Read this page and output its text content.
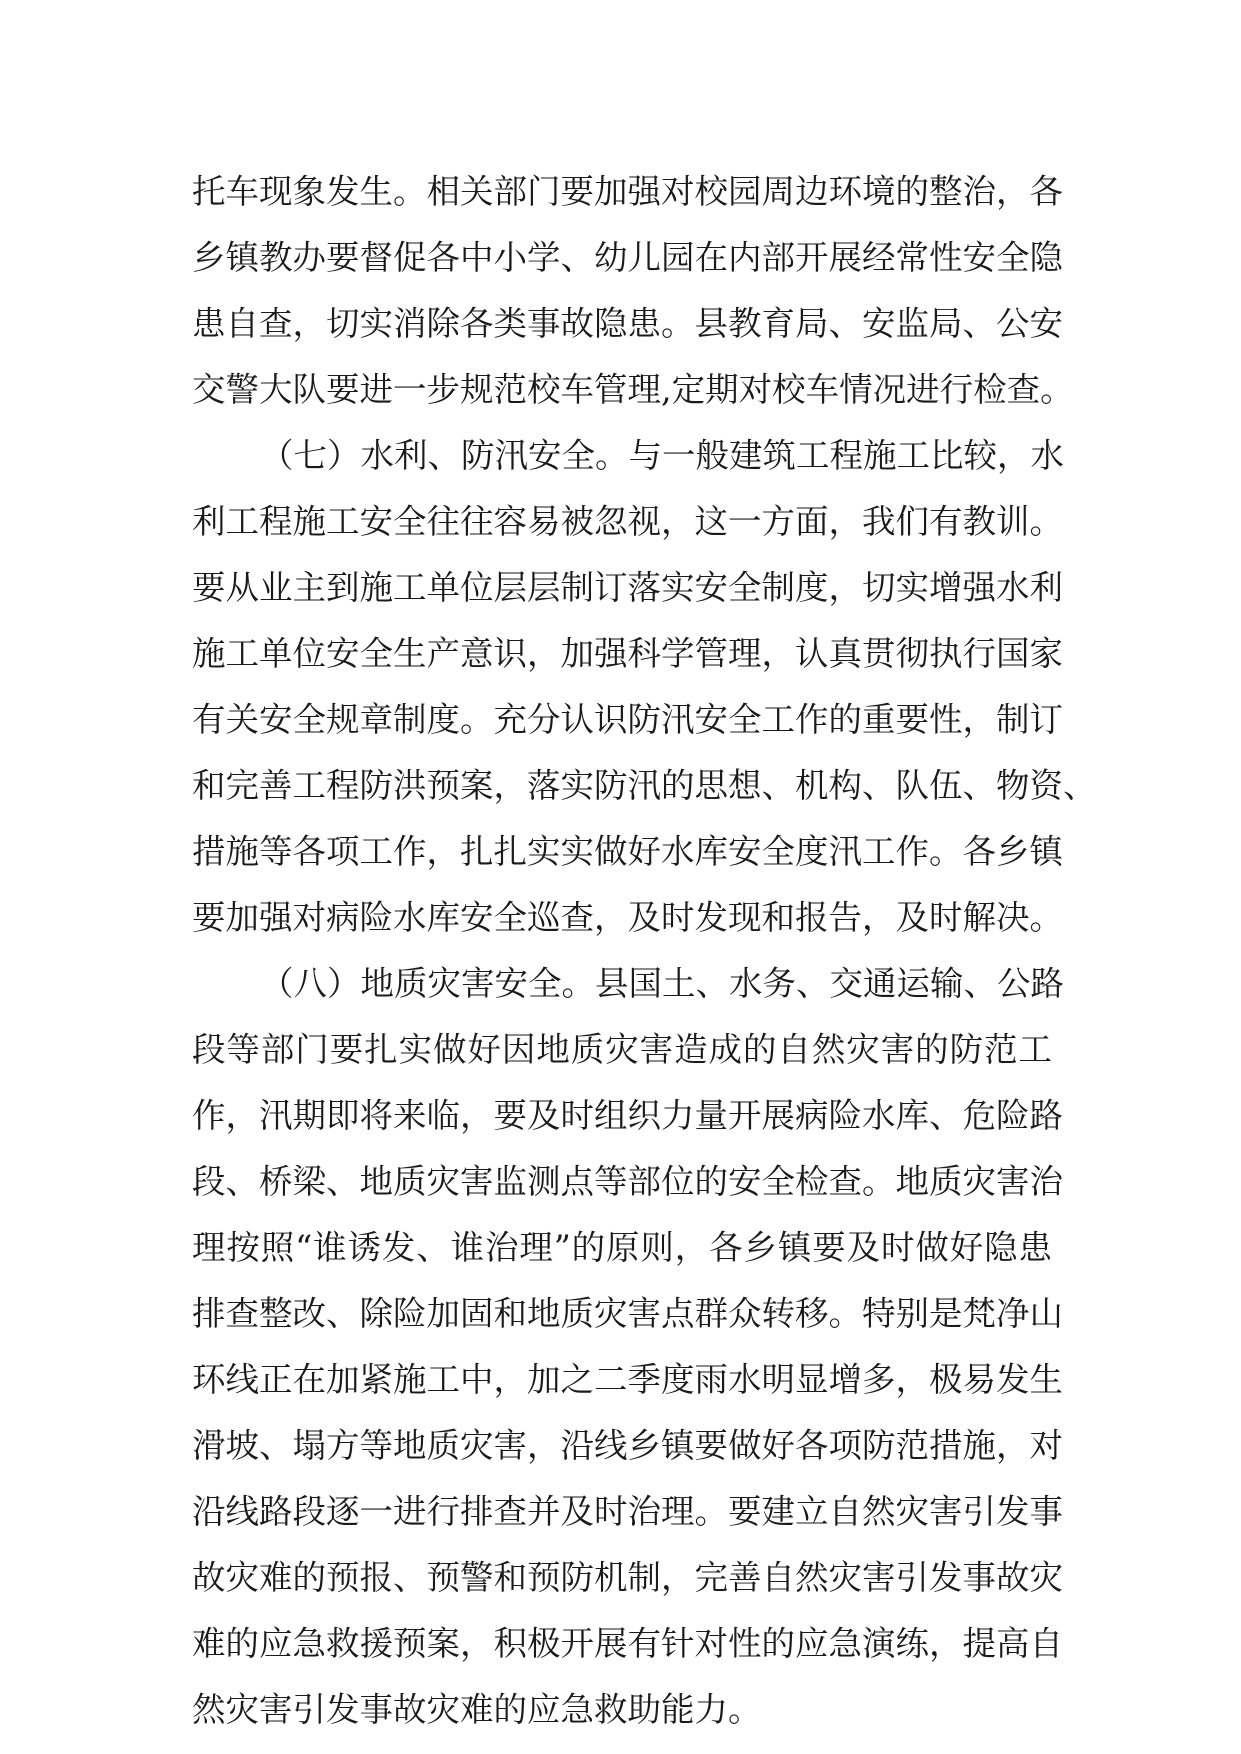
托车现象发生。相关部门要加强对校园周边环境的整治，各
乡镇教办要督促各中小学、幼儿园在内部开展经常性安全隐
患自查，切实消除各类事故隐患。县教育局、安监局、公安
交警大队要进一步规范校车管理,定期对校车情况进行检查。
（七）水利、防汛安全。与一般建筑工程施工比较，水
利工程施工安全往往容易被忽视，这一方面，我们有教训。
要从业主到施工单位层层制订落实安全制度，切实增强水利
施工单位安全生产意识，加强科学管理，认真贯彻执行国家
有关安全规章制度。充分认识防汛安全工作的重要性，制订
和完善工程防洪预案，落实防汛的思想、机构、队伍、物资、
措施等各项工作，扎扎实实做好水库安全度汛工作。各乡镇
要加强对病险水库安全巡查，及时发现和报告，及时解决。
（八）地质灾害安全。县国土、水务、交通运输、公路
段等部门要扎实做好因地质灾害造成的自然灾害的防范工
作，汛期即将来临，要及时组织力量开展病险水库、危险路
段、桥梁、地质灾害监测点等部位的安全检查。地质灾害治
理按照“谁诱发、谁治理”的原则，各乡镇要及时做好隐患
排查整改、除险加固和地质灾害点群众转移。特别是梵净山
环线正在加紧施工中，加之二季度雨水明显增多，极易发生
滑坡、塌方等地质灾害，沿线乡镇要做好各项防范措施，对
沿线路段逐一进行排查并及时治理。要建立自然灾害引发事
故灾难的预报、预警和预防机制，完善自然灾害引发事故灾
难的应急救援预案，积极开展有针对性的应急演练，提高自
然灾害引发事故灾难的应急救助能力。
